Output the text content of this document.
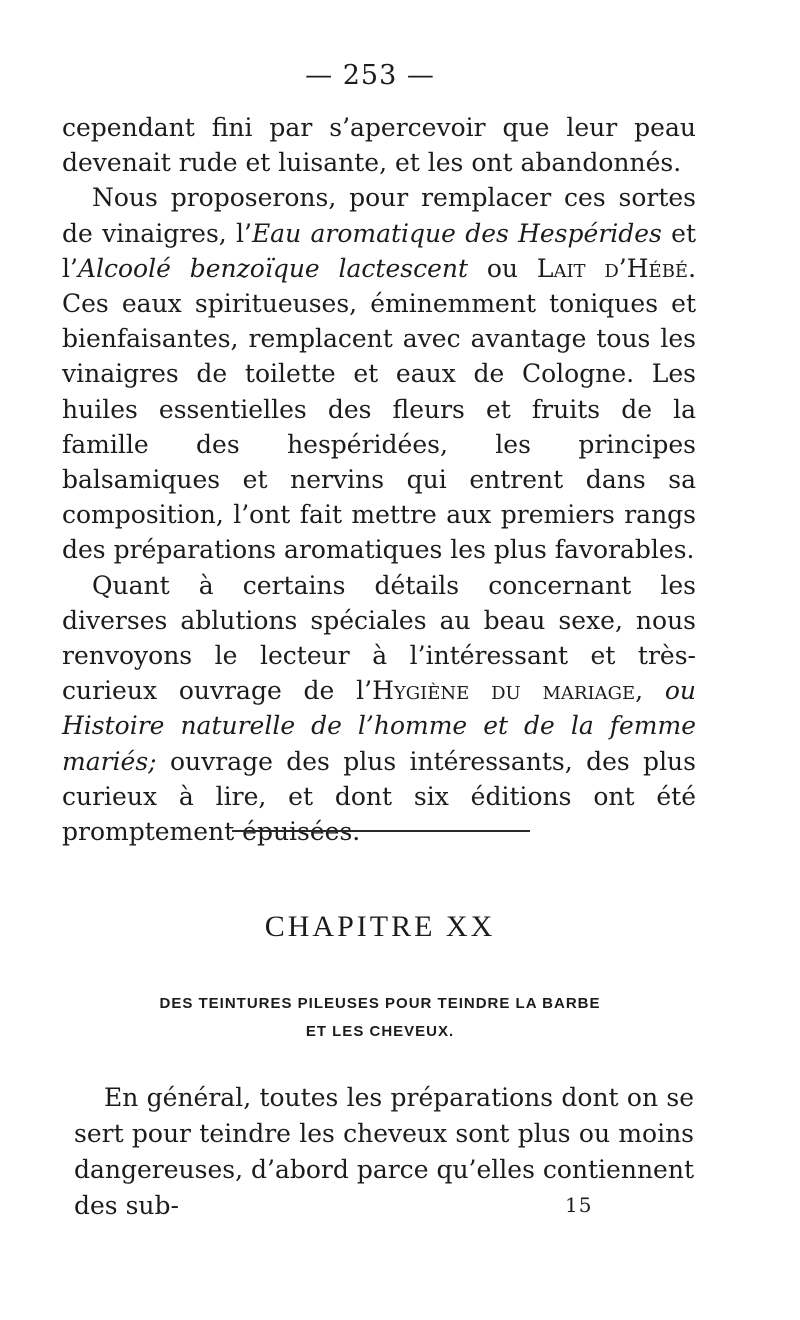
— 253 —

cependant fini par s’apercevoir que leur peau devenait rude et luisante, et les ont abandonnés.

Nous proposerons, pour remplacer ces sortes de vinaigres, l’Eau aromatique des Hespérides et l’Alcoolé benzoïque lactescent ou Lait d’Hébé. Ces eaux spiritueuses, éminemment toniques et bienfaisantes, remplacent avec avantage tous les vinaigres de toilette et eaux de Cologne. Les huiles essentielles des fleurs et fruits de la famille des hespéridées, les principes balsamiques et nervins qui entrent dans sa composition, l’ont fait mettre aux premiers rangs des préparations aromatiques les plus favorables.

Quant à certains détails concernant les diverses ablutions spéciales au beau sexe, nous renvoyons le lecteur à l’intéressant et très-curieux ouvrage de l’Hygiène du mariage, ou Histoire naturelle de l’homme et de la femme mariés; ouvrage des plus intéressants, des plus curieux à lire, et dont six éditions ont été promptement épuisées.

CHAPITRE XX
DES TEINTURES PILEUSES POUR TEINDRE LA BARBE
ET LES CHEVEUX.

En général, toutes les préparations dont on se sert pour teindre les cheveux sont plus ou moins dangereuses, d’abord parce qu’elles contiennent des sub-	15
